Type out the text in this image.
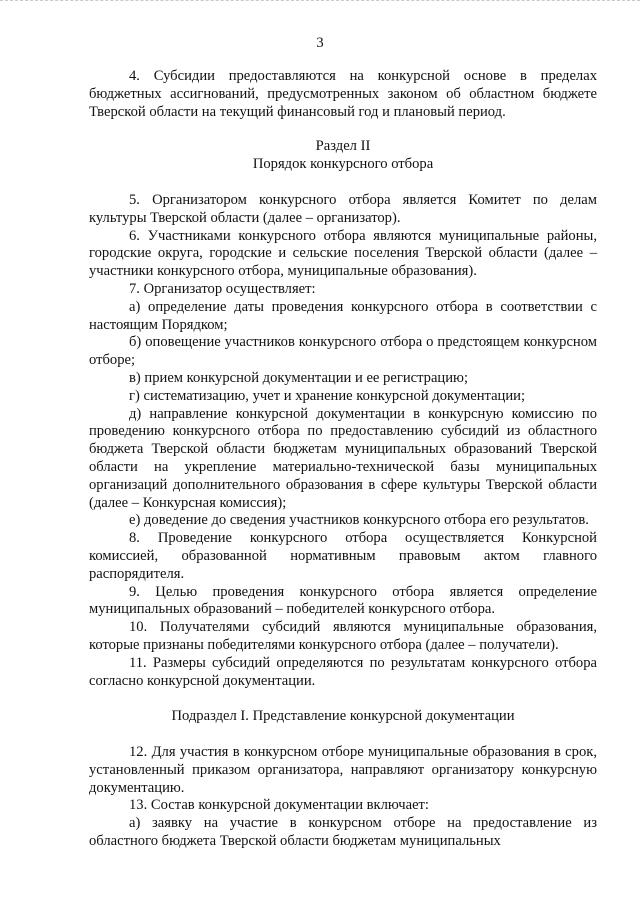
3

4. Субсидии предоставляются на конкурсной основе в пределах бюджетных ассигнований, предусмотренных законом об областном бюджете Тверской области на текущий финансовый год и плановый период.

Раздел II

Порядок конкурсного отбора

5. Организатором конкурсного отбора является Комитет по делам культуры Тверской области (далее – организатор).

6. Участниками конкурсного отбора являются муниципальные районы, городские округа, городские и сельские поселения Тверской области (далее – участники конкурсного отбора, муниципальные образования).

7. Организатор осуществляет:

а) определение даты проведения конкурсного отбора в соответствии с настоящим Порядком;

б) оповещение участников конкурсного отбора о предстоящем конкурсном отборе;

в) прием конкурсной документации и ее регистрацию;

г) систематизацию, учет и хранение конкурсной документации;

д) направление конкурсной документации в конкурсную комиссию по проведению конкурсного отбора по предоставлению субсидий из областного бюджета Тверской области бюджетам муниципальных образований Тверской области на укрепление материально-технической базы муниципальных организаций дополнительного образования в сфере культуры Тверской области (далее – Конкурсная комиссия);

е) доведение до сведения участников конкурсного отбора его результатов.

8. Проведение конкурсного отбора осуществляется Конкурсной комиссией, образованной нормативным правовым актом главного распорядителя.

9. Целью проведения конкурсного отбора является определение муниципальных образований – победителей конкурсного отбора.

10. Получателями субсидий являются муниципальные образования, которые признаны победителями конкурсного отбора (далее – получатели).

11. Размеры субсидий определяются по результатам конкурсного отбора согласно конкурсной документации.

Подраздел I. Представление конкурсной документации

12. Для участия в конкурсном отборе муниципальные образования в срок, установленный приказом организатора, направляют организатору конкурсную документацию.

13. Состав конкурсной документации включает:

а) заявку на участие в конкурсном отборе на предоставление из областного бюджета Тверской области бюджетам муниципальных
